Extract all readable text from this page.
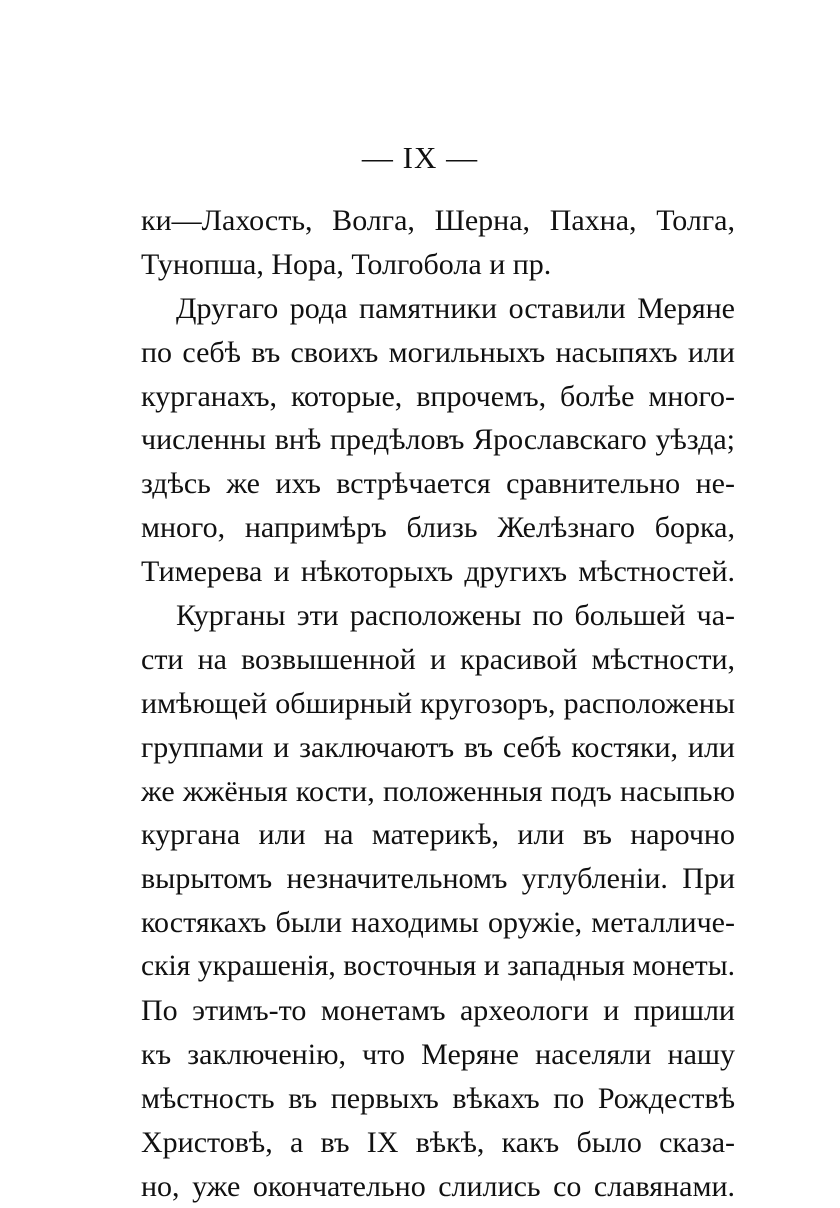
— IX —
ки—Лахость, Волга, Шерна, Пахна, Толга,
Тунопша, Нора, Толгобола и пр.
Другаго рода памятники оставили Меряне
по себѣ въ своихъ могильныхъ насыпяхъ или
курганахъ, которые, впрочемъ, болѣе много-
численны внѣ предѣловъ Ярославскаго уѣзда;
здѣсь же ихъ встрѣчается сравнительно не-
много, напримѣръ близь Желѣзнаго борка,
Тимерева и нѣкоторыхъ другихъ мѣстностей.
Курганы эти расположены по большей ча-
сти на возвышенной и красивой мѣстности,
имѣющей обширный кругозоръ, расположены
группами и заключаютъ въ себѣ костяки, или
же жжёныя кости, положенныя подъ насыпью
кургана или на материкѣ, или въ нарочно
вырытомъ незначительномъ углубленіи. При
костякахъ были находимы оружіе, металличе-
скія украшенія, восточныя и западныя монеты.
По этимъ-то монетамъ археологи и пришли
къ заключенію, что Меряне населяли нашу
мѣстность въ первыхъ вѣкахъ по Рождествѣ
Христовѣ, а въ IX вѣкѣ, какъ было сказа-
но, уже окончательно слились со славянами.
